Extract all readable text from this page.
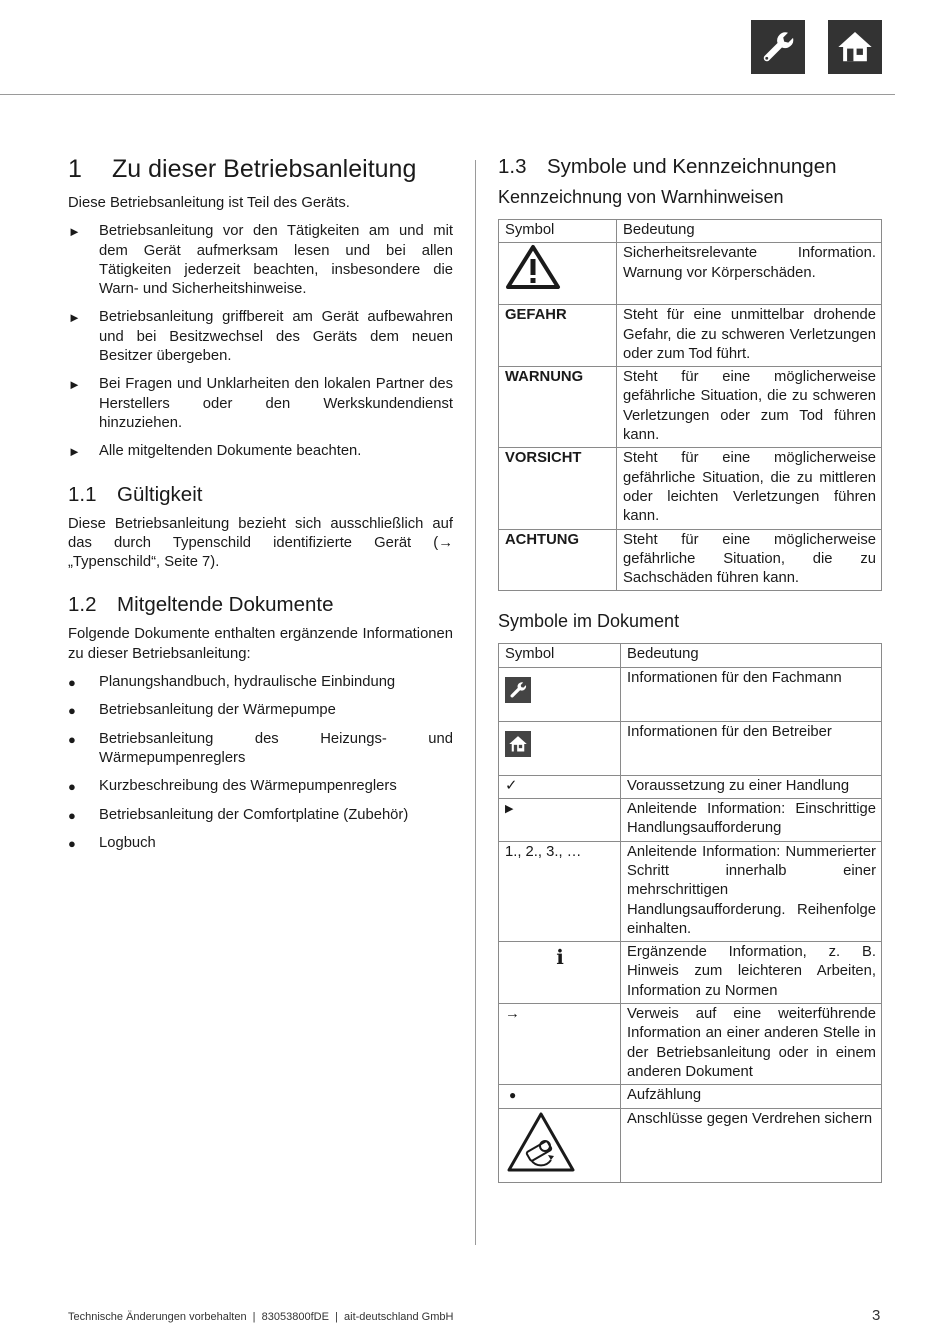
1	Zu dieser Betriebsanleitung

Diese Betriebsanleitung ist Teil des Geräts.

►	Betriebsanleitung vor den Tätigkeiten am und mit dem Gerät aufmerksam lesen und bei allen Tätigkeiten jederzeit beachten, insbesondere die Warn- und Sicherheitshinweise.
►	Betriebsanleitung griffbereit am Gerät aufbewahren und bei Besitzwechsel des Geräts dem neuen Besitzer übergeben.
►	Bei Fragen und Unklarheiten den lokalen Partner des Herstellers oder den Werkskundendienst hinzuziehen.
►	Alle mitgeltenden Dokumente beachten.
1.1	Gültigkeit

Diese Betriebsanleitung bezieht sich ausschließlich auf das durch Typenschild identifizierte Gerät (→ „Typenschild“, Seite 7).

1.2	Mitgeltende Dokumente

Folgende Dokumente enthalten ergänzende Informationen zu dieser Betriebsanleitung:

●	Planungshandbuch, hydraulische Einbindung
●	Betriebsanleitung der Wärmepumpe
●	Betriebsanleitung des Heizungs- und Wärmepumpenreglers
●	Kurzbeschreibung des Wärmepumpenreglers
●	Betriebsanleitung der Comfortplatine (Zubehör)
●	Logbuch
1.3	Symbole und Kennzeichnungen
Kennzeichnung von Warnhinweisen
Symbol	Bedeutung
	Sicherheitsrelevante Information. Warnung vor Körperschäden.
GEFAHR	Steht für eine unmittelbar drohende Gefahr, die zu schweren Verletzungen oder zum Tod führt.
WARNUNG	Steht für eine möglicherweise gefährliche Situation, die zu schweren Verletzungen oder zum Tod führen kann.
VORSICHT	Steht für eine möglicherweise gefährliche Situation, die zu mittleren oder leichten Verletzungen führen kann.
ACHTUNG	Steht für eine möglicherweise gefährliche Situation, die zu Sachschäden führen kann.
Symbole im Dokument
Symbol	Bedeutung

	Informationen für den Fachmann

	Informationen für den Betreiber
✓	Voraussetzung zu einer Handlung
▶	Anleitende Information: Einschrittige Handlungsaufforderung
1., 2., 3., …	Anleitende Information: Nummerierter Schritt innerhalb einer mehrschrittigen Handlungsaufforderung. Reihenfolge einhalten.
ℹ	Ergänzende Information, z. B. Hinweis zum leichteren Arbeiten, Information zu Normen
→	Verweis auf eine weiterführende Information an einer anderen Stelle in der Betriebsanleitung oder in einem anderen Dokument
●	Aufzählung
	Anschlüsse gegen Verdrehen sichern
Technische Änderungen vorbehalten  |  83053800fDE  |  ait-deutschland GmbH	3
